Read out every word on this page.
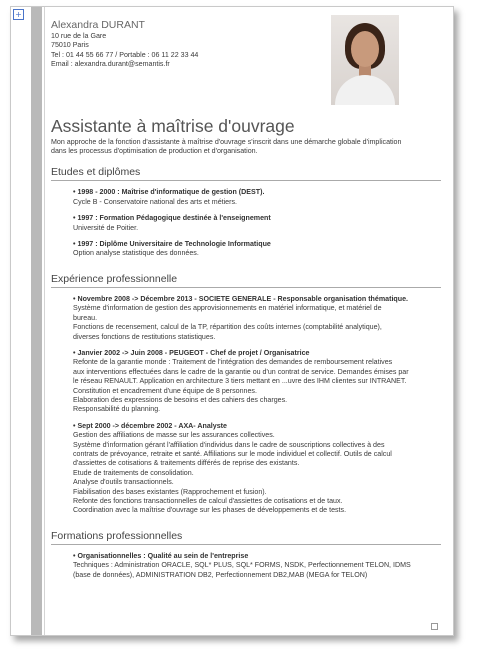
+
Alexandra DURANT
10 rue de la Gare
75010 Paris
Tel : 01 44 55 66 77 / Portable : 06 11 22 33 44
Email : alexandra.durant@semantis.fr
Assistante à maîtrise d'ouvrage
Mon approche de la fonction d'assistante à maîtrise d'ouvrage s'inscrit dans une démarche globale d'implication
dans les processus d'optimisation de production et d'organisation.
Etudes et diplômes
• 1998 - 2000 : Maîtrise d'informatique de gestion (DEST).
Cycle B - Conservatoire national des arts et métiers.
• 1997 : Formation Pédagogique destinée à l'enseignement
Université de Poitier.
• 1997 : Diplôme Universitaire de Technologie Informatique
Option analyse statistique des données.
Expérience professionnelle
• Novembre 2008 -> Décembre 2013 - SOCIETE GENERALE - Responsable organisation thématique.
Système d'information de gestion des approvisionnements en matériel informatique, et matériel de
bureau.
Fonctions de recensement, calcul de la TP, répartition des coûts internes (comptabilité analytique),
diverses fonctions de restitutions statistiques.
• Janvier 2002 -> Juin 2008 - PEUGEOT - Chef de projet / Organisatrice
Refonte de la garantie monde : Traitement de l'intégration des demandes de remboursement relatives
aux interventions effectuées dans le cadre de la garantie ou d'un contrat de service. Demandes émises par
le réseau RENAULT. Application en architecture 3 tiers mettant en ...uvre des IHM clientes sur INTRANET.
Constitution et encadrement d'une équipe de 8 personnes.
Elaboration des expressions de besoins et des cahiers des charges.
Responsabilité du planning.
• Sept 2000 -> décembre 2002 - AXA- Analyste
Gestion des affiliations de masse sur les assurances collectives.
Système d'information gérant l'affiliation d'individus dans le cadre de souscriptions collectives à des
contrats de prévoyance, retraite et santé. Affiliations sur le mode individuel et collectif. Outils de calcul
d'assiettes de cotisations & traitements différés de reprise des existants.
Etude de traitements de consolidation.
Analyse d'outils transactionnels.
Fiabilisation des bases existantes (Rapprochement et fusion).
Refonte des fonctions transactionnelles de calcul d'assiettes de cotisations et de taux.
Coordination avec la maîtrise d'ouvrage sur les phases de développements et de tests.
Formations professionnelles
• Organisationnelles : Qualité au sein de l'entreprise
Techniques : Administration ORACLE, SQL* PLUS, SQL* FORMS, NSDK, Perfectionnement TELON, IDMS
(base de données), ADMINISTRATION DB2, Perfectionnement DB2,MAB (MEGA for TELON)
